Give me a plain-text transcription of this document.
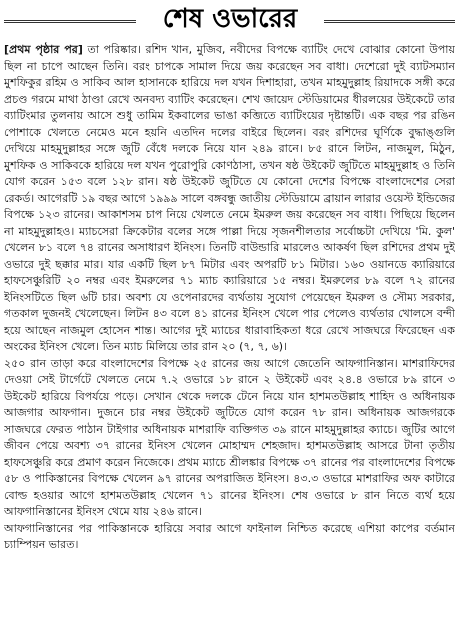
শেষ ওভারের

[প্রথম পৃষ্ঠার পর] তা পরিষ্কার। রশিদ খান, মুজিব, নবীদের বিপক্ষে ব্যাটিং দেখে বোঝার কোনো উপায় ছিল না চাপে আছেন তিনি। বরং চাপকে সামাল দিয়ে জয় করেছেন সব বাধা। দেশেরো দুই ব্যাটসম্যান মুশফিকুর রহিম ও সাকিব আল হাসানকে হারিয়ে দল যখন দিশাহারা, তখন মাহমুদুল্লাহ রিয়াদকে সঙ্গী করে প্রচণ্ড গরমে মাথা ঠাণ্ডা রেখে অনবদ্য ব্যাটিং করেছেন। শেখ জায়েদ স্টেডিয়ামের ধীরলয়ের উইকেটে তার ব্যাটিংমার তুলনায় আসে শুধু তামিম ইকবালের ভাঙা কব্জিতে ব্যাটিংয়ের দৃষ্টান্তটি। এক বছর পর রঙিন পোশাকে খেলতে নেমেও মনে হয়নি এতদিন দলের বাইরে ছিলেন। বরং রশিদের ঘূর্ণিকে বুদ্ধাঙ্গুলি দেখিয়ে মাহমুদুল্লাহর সঙ্গে জুটি বেঁধে দলকে নিয়ে যান ২৪৯ রানে। ৮৫ রানে লিটন, নাজমুল, মিঠুন, মুশফিক ও সাকিবকে হারিয়ে দল যখন পুরোপুরি কোণঠাসা, তখন ষষ্ঠ উইকেট জুটিতে মাহমুদুল্লাহ ও তিনি যোগ করেন ১৫৩ বলে ১২৮ রান। ষষ্ঠ উইকেট জুটিতে যে কোনো দেশের বিপক্ষে বাংলাদেশের সেরা রেকর্ড। আগেরটি ১৯ বছর আগে ১৯৯৯ সালে বঙ্গবন্ধু জাতীয় স্টেডিয়ামে ব্রায়ান লারার ওয়েস্ট ইন্ডিজের বিপক্ষে ১২৩ রানের। আকাশসম চাপ নিয়ে খেলতে নেমে ইমরুল জয় করেছেন সব বাধা। পিছিয়ে ছিলেন না মাহমুদুল্লাহও। ম্যাচসেরা ক্রিকেটার বলের সঙ্গে পাল্লা দিয়ে সৃজনশীলতার সর্বোচ্চটা দেখিয়ে 'মি. কুল' খেলেন ৮১ বলে ৭৪ রানের অসাধারণ ইনিংস। তিনটি বাউন্ডারি মারলেও আকর্ষণ ছিল রশিদের প্রথম দুই ওভারে দুই ছক্কার মার। যার একটি ছিল ৮৭ মিটার এবং অপরটি ৮১ মিটার। ১৬০ ওয়ানডে ক্যারিয়ারে হাফসেঞ্চুরিটি ২০ নম্বর এবং ইমরুলের ৭১ ম্যাচ ক্যারিয়ারে ১৫ নম্বর। ইমরুলের ৮৯ বলে ৭২ রানের ইনিংসটিতে ছিল ৬টি চার। অবশ্য যে ওপেনারদের ব্যর্থতায় সুযোগ পেয়েছেন ইমরুল ও সৌম্য সরকার, গতকাল দুজনই খেলেছেন। লিটন ৪৩ বলে ৪১ রানের ইনিংস খেলে পার পেলেও ব্যর্থতার খোলসে বন্দী হয়ে আছেন নাজমুল হোসেন শান্ত। আগের দুই ম্যাচের ধারাবাহিকতা ধরে রেখে সাজঘরে ফিরেছেন এক অংকের ইনিংস খেলে। তিন ম্যাচ মিলিয়ে তার রান ২০ (৭, ৭, ৬)।

২৫০ রান তাড়া করে বাংলাদেশের বিপক্ষে ২৫ রানের জয় আগে জেতেনি আফগানিস্তান। মাশরাফিদের দেওয়া সেই টার্গেটে খেলতে নেমে ৭.২ ওভারে ১৮ রানে ২ উইকেট এবং ২৪.৪ ওভারে ৮৯ রানে ৩ উইকেট হারিয়ে বিপর্যয়ে পড়ে। সেখান থেকে দলকে টেনে নিয়ে যান হাশমতউল্লাহ শাহিদ ও অধিনায়ক আজগার আফগান। দুজনে চার নম্বর উইকেট জুটিতে যোগ করেন ৭৮ রান। অধিনায়ক আজগরকে সাজঘরে ফেরত পাঠান টাইগার অধিনায়ক মাশরাফি ব্যক্তিগত ৩৯ রানে মাহমুদুল্লাহর ক্যাচে। জুটির আগে জীবন পেয়ে অবশ্য ৩৭ রানের ইনিংস খেলেন মোহাম্মদ শেহজাদ। হাশমতউল্লাহ আসরে টানা তৃতীয় হাফসেঞ্চুরি করে প্রমাণ করেন নিজেকে। প্রথম ম্যাচে শ্রীলঙ্কার বিপক্ষে ৩৭ রানের পর বাংলাদেশের বিপক্ষে ৫৮ ও পাকিস্তানের বিপক্ষে খেলেন ৯৭ রানের অপরাজিত ইনিংস। ৪৩.৩ ওভারে মাশরাফির অফ কাটারে বোল্ড হওয়ার আগে হাশমতউল্লাহ খেলেন ৭১ রানের ইনিংস। শেষ ওভারে ৮ রান নিতে ব্যর্থ হয়ে আফগানিস্তানের ইনিংস থেমে যায় ২৪৬ রানে।

আফগানিস্তানের পর পাকিস্তানকে হারিয়ে সবার আগে ফাইনাল নিশ্চিত করেছে এশিয়া কাপের বর্তমান চ্যাম্পিয়ন ভারত।
